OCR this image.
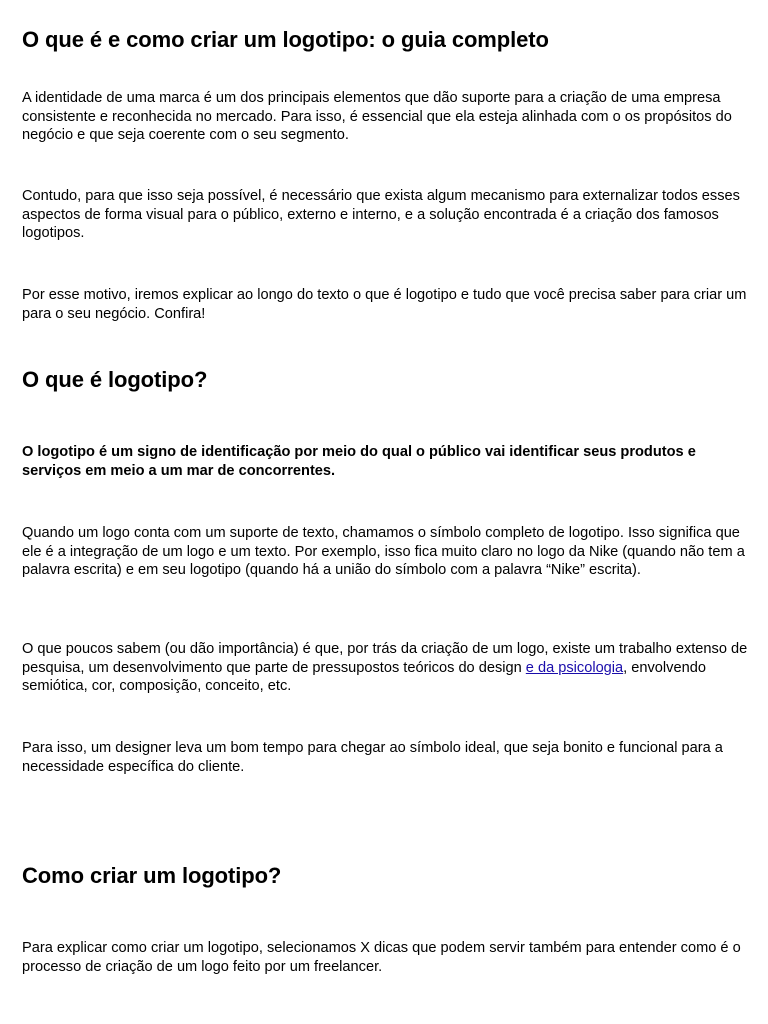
O que é e como criar um logotipo: o guia completo

A identidade de uma marca é um dos principais elementos que dão suporte para a criação de uma empresa consistente e reconhecida no mercado. Para isso, é essencial que ela esteja alinhada com o os propósitos do negócio e que seja coerente com o seu segmento.

Contudo, para que isso seja possível, é necessário que exista algum mecanismo para externalizar todos esses aspectos de forma visual para o público, externo e interno, e a solução encontrada é a criação dos famosos logotipos.

Por esse motivo, iremos explicar ao longo do texto o que é logotipo e tudo que você precisa saber para criar um para o seu negócio. Confira!

O que é logotipo?

O logotipo é um signo de identificação por meio do qual o público vai identificar seus produtos e serviços em meio a um mar de concorrentes.

Quando um logo conta com um suporte de texto, chamamos o símbolo completo de logotipo. Isso significa que ele é a integração de um logo e um texto. Por exemplo, isso fica muito claro no logo da Nike (quando não tem a palavra escrita) e em seu logotipo (quando há a união do símbolo com a palavra “Nike” escrita).

O que poucos sabem (ou dão importância) é que, por trás da criação de um logo, existe um trabalho extenso de pesquisa, um desenvolvimento que parte de pressupostos teóricos do design e da psicologia, envolvendo semiótica, cor, composição, conceito, etc.

Para isso, um designer leva um bom tempo para chegar ao símbolo ideal, que seja bonito e funcional para a necessidade específica do cliente.

Como criar um logotipo?

Para explicar como criar um logotipo, selecionamos X dicas que podem servir também para entender como é o processo de criação de um logo feito por um freelancer.
